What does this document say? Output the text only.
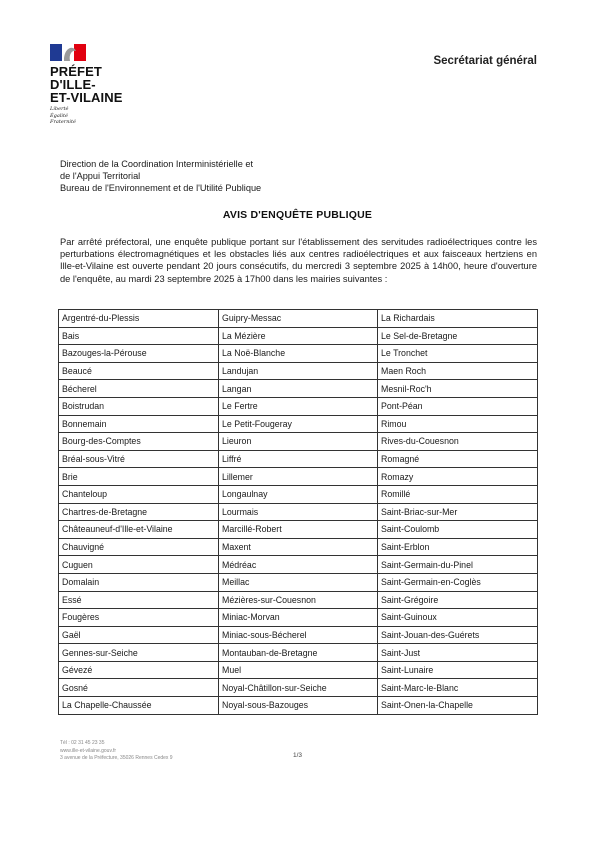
PRÉFET
D'ILLE-
ET-VILAINE
Liberté
Égalité
Fraternité
Secrétariat général
Direction de la Coordination Interministérielle et
de l'Appui Territorial
Bureau de l'Environnement et de l'Utilité Publique
AVIS D'ENQUÊTE PUBLIQUE
Par arrêté préfectoral, une enquête publique portant sur l'établissement des servitudes radioélectriques contre les perturbations électromagnétiques et les obstacles liés aux centres radioélectriques et aux faisceaux hertziens en Ille-et-Vilaine est ouverte pendant 20 jours consécutifs, du mercredi 3 septembre 2025 à 14h00, heure d'ouverture de l'enquête, au mardi 23 septembre 2025 à 17h00 dans les mairies suivantes :
Argentré-du-Plessis	Guipry-Messac	La Richardais
Bais	La Mézière	Le Sel-de-Bretagne
Bazouges-la-Pérouse	La Noë-Blanche	Le Tronchet
Beaucé	Landujan	Maen Roch
Bécherel	Langan	Mesnil-Roc'h
Boistrudan	Le Fertre	Pont-Péan
Bonnemain	Le Petit-Fougeray	Rimou
Bourg-des-Comptes	Lieuron	Rives-du-Couesnon
Bréal-sous-Vitré	Liffré	Romagné
Brie	Lillemer	Romazy
Chanteloup	Longaulnay	Romillé
Chartres-de-Bretagne	Lourmais	Saint-Briac-sur-Mer
Châteauneuf-d'Ille-et-Vilaine	Marcillé-Robert	Saint-Coulomb
Chauvigné	Maxent	Saint-Erblon
Cuguen	Médréac	Saint-Germain-du-Pinel
Domalain	Meillac	Saint-Germain-en-Coglès
Essé	Mézières-sur-Couesnon	Saint-Grégoire
Fougères	Miniac-Morvan	Saint-Guinoux
Gaël	Miniac-sous-Bécherel	Saint-Jouan-des-Guérets
Gennes-sur-Seiche	Montauban-de-Bretagne	Saint-Just
Gévezé	Muel	Saint-Lunaire
Gosné	Noyal-Châtillon-sur-Seiche	Saint-Marc-le-Blanc
La Chapelle-Chaussée	Noyal-sous-Bazouges	Saint-Onen-la-Chapelle
Tél : 02 31 45 23 35
www.ille-et-vilaine.gouv.fr
3 avenue de la Préfecture, 35026 Rennes Cedex 9	1/3
